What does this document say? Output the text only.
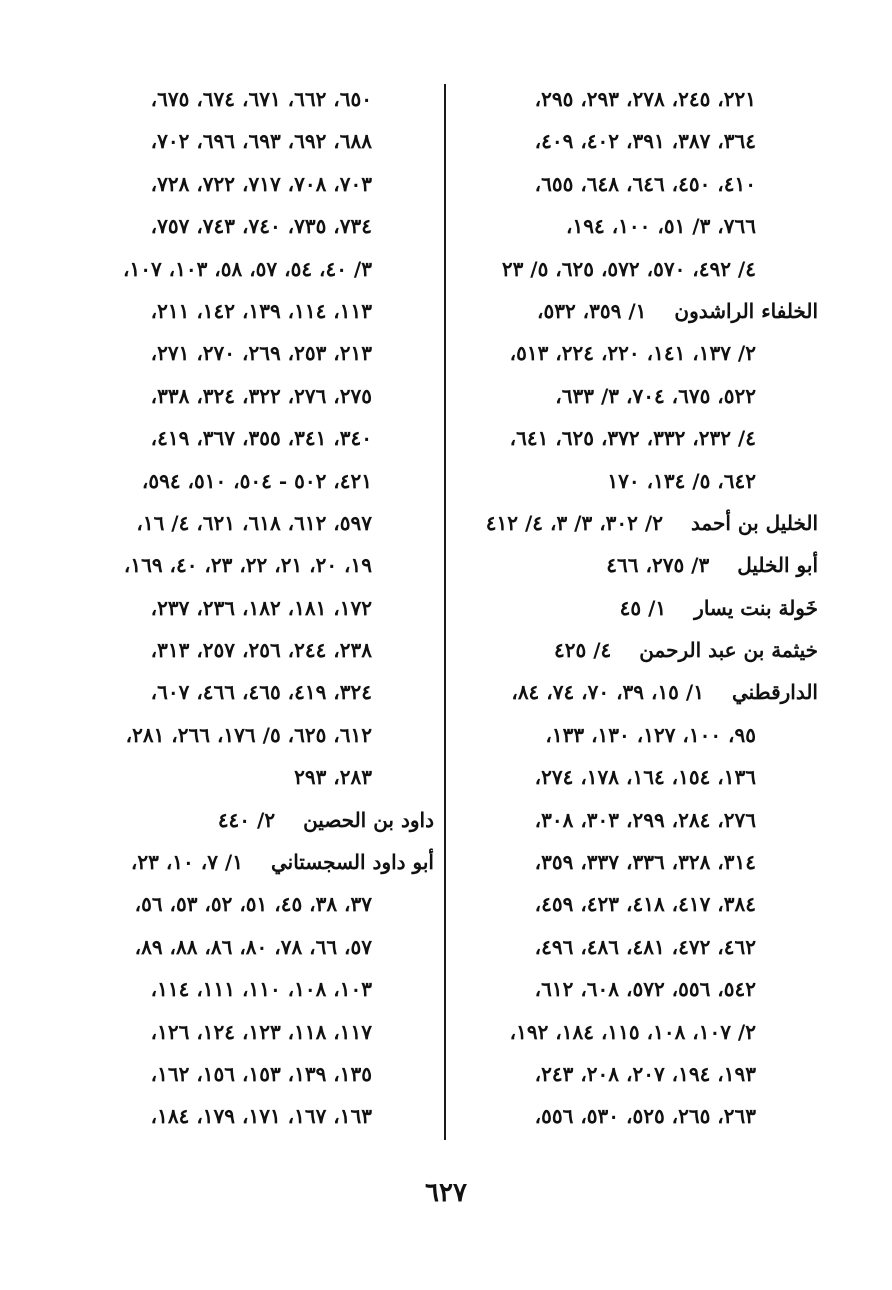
٢٢١، ٢٤٥، ٢٧٨، ٢٩٣، ٢٩٥،
٣٦٤، ٣٨٧، ٣٩١، ٤٠٢، ٤٠٩،
٤١٠، ٤٥٠، ٦٤٦، ٦٤٨، ٦٥٥،
٧٦٦، ٣/ ٥١، ١٠٠، ١٩٤،
٤/ ٤٩٢، ٥٧٠، ٥٧٢، ٦٢٥، ٥/ ٢٣
الخلفاء الراشدون
١/ ٣٥٩، ٥٣٢،
٢/ ١٣٧، ١٤١، ٢٢٠، ٢٢٤، ٥١٣،
٥٢٢، ٦٧٥، ٧٠٤، ٣/ ٦٣٣،
٤/ ٢٣٢، ٣٣٢، ٣٧٢، ٦٢٥، ٦٤١،
٦٤٢، ٥/ ١٣٤، ١٧٠
الخليل بن أحمد
٢/ ٣٠٢، ٣/ ٣، ٤/ ٤١٢
أبو الخليل
٣/ ٢٧٥، ٤٦٦
خَولة بنت يسار
١/ ٤٥
خيثمة بن عبد الرحمن
٤/ ٤٢٥
الدارقطني
١/ ١٥، ٣٩، ٧٠، ٧٤، ٨٤،
٩٥، ١٠٠، ١٢٧، ١٣٠، ١٣٣،
١٣٦، ١٥٤، ١٦٤، ١٧٨، ٢٧٤،
٢٧٦، ٢٨٤، ٢٩٩، ٣٠٣، ٣٠٨،
٣١٤، ٣٢٨، ٣٣٦، ٣٣٧، ٣٥٩،
٣٨٤، ٤١٧، ٤١٨، ٤٢٣، ٤٥٩،
٤٦٢، ٤٧٢، ٤٨١، ٤٨٦، ٤٩٦،
٥٤٢، ٥٥٦، ٥٧٢، ٦٠٨، ٦١٢،
٢/ ١٠٧، ١٠٨، ١١٥، ١٨٤، ١٩٢،
١٩٣، ١٩٤، ٢٠٧، ٢٠٨، ٢٤٣،
٢٦٣، ٢٦٥، ٥٢٥، ٥٣٠، ٥٥٦،
٦٥٠، ٦٦٢، ٦٧١، ٦٧٤، ٦٧٥،
٦٨٨، ٦٩٢، ٦٩٣، ٦٩٦، ٧٠٢،
٧٠٣، ٧٠٨، ٧١٧، ٧٢٢، ٧٢٨،
٧٣٤، ٧٣٥، ٧٤٠، ٧٤٣، ٧٥٧،
٣/ ٤٠، ٥٤، ٥٧، ٥٨، ١٠٣، ١٠٧،
١١٣، ١١٤، ١٣٩، ١٤٢، ٢١١،
٢١٣، ٢٥٣، ٢٦٩، ٢٧٠، ٢٧١،
٢٧٥، ٢٧٦، ٣٢٢، ٣٢٤، ٣٣٨،
٣٤٠، ٣٤١، ٣٥٥، ٣٦٧، ٤١٩،
٤٢١، ٥٠٢ - ٥٠٤، ٥١٠، ٥٩٤،
٥٩٧، ٦١٢، ٦١٨، ٦٢١، ٤/ ١٦،
١٩، ٢٠، ٢١، ٢٢، ٢٣، ٤٠، ١٦٩،
١٧٢، ١٨١، ١٨٢، ٢٣٦، ٢٣٧،
٢٣٨، ٢٤٤، ٢٥٦، ٢٥٧، ٣١٣،
٣٢٤، ٤١٩، ٤٦٥، ٤٦٦، ٦٠٧،
٦١٢، ٦٢٥، ٥/ ١٧٦، ٢٦٦، ٢٨١،
٢٨٣، ٢٩٣
داود بن الحصين
٢/ ٤٤٠
أبو داود السجستاني
١/ ٧، ١٠، ٢٣،
٣٧، ٣٨، ٤٥، ٥١، ٥٢، ٥٣، ٥٦،
٥٧، ٦٦، ٧٨، ٨٠، ٨٦، ٨٨، ٨٩،
١٠٣، ١٠٨، ١١٠، ١١١، ١١٤،
١١٧، ١١٨، ١٢٣، ١٢٤، ١٢٦،
١٣٥، ١٣٩، ١٥٣، ١٥٦، ١٦٢،
١٦٣، ١٦٧، ١٧١، ١٧٩، ١٨٤،
٦٢٧
